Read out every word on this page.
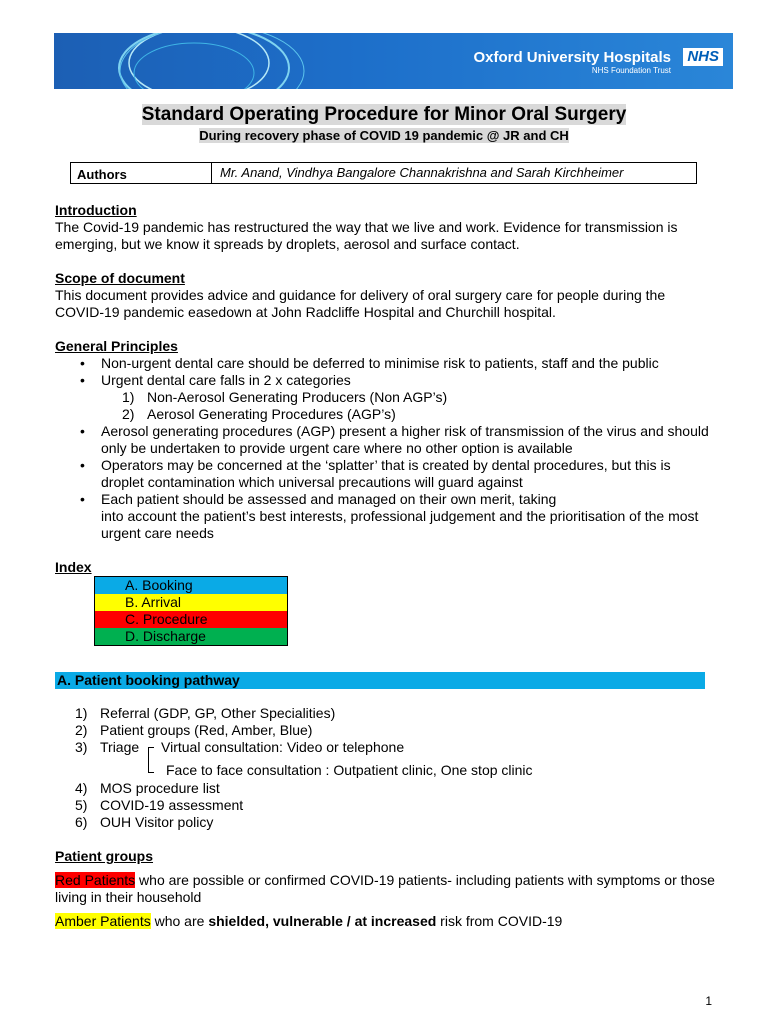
Oxford University Hospitals
NHS Foundation Trust
NHS
Standard Operating Procedure for Minor Oral Surgery
During recovery phase of COVID 19 pandemic @ JR and CH
Authors	Mr. Anand, Vindhya Bangalore Channakrishna and Sarah Kirchheimer
Introduction

The Covid-19 pandemic has restructured the way that we live and work. Evidence for transmission is emerging, but we know it spreads by droplets, aerosol and surface contact.

Scope of document

This document provides advice and guidance for delivery of oral surgery care for people during the COVID-19 pandemic easedown at John Radcliffe Hospital and Churchill hospital.

General Principles
• Non-urgent dental care should be deferred to minimise risk to patients, staff and the public
• Urgent dental care falls in 2 x categories
1) Non-Aerosol Generating Producers (Non AGP’s)
2) Aerosol Generating Procedures (AGP’s)
• Aerosol generating procedures (AGP) present a higher risk of transmission of the virus and should only be undertaken to provide urgent care where no other option is available
• Operators may be concerned at the ‘splatter’ that is created by dental procedures, but this is droplet contamination which universal precautions will guard against
• Each patient should be assessed and managed on their own merit, taking
into account the patient’s best interests, professional judgement and the prioritisation of the most urgent care needs
Index
A. Booking
B. Arrival
C. Procedure
D. Discharge
A. Patient booking pathway
1) Referral (GDP, GP, Other Specialities)
2) Patient groups (Red, Amber, Blue)
3) Triage Virtual consultation: Video or telephone
Face to face consultation : Outpatient clinic, One stop clinic
4) MOS procedure list
5) COVID-19 assessment
6) OUH Visitor policy
Patient groups

Red Patients who are possible or confirmed COVID-19 patients- including patients with symptoms or those living in their household

Amber Patients who are shielded, vulnerable / at increased risk from COVID-19

1
